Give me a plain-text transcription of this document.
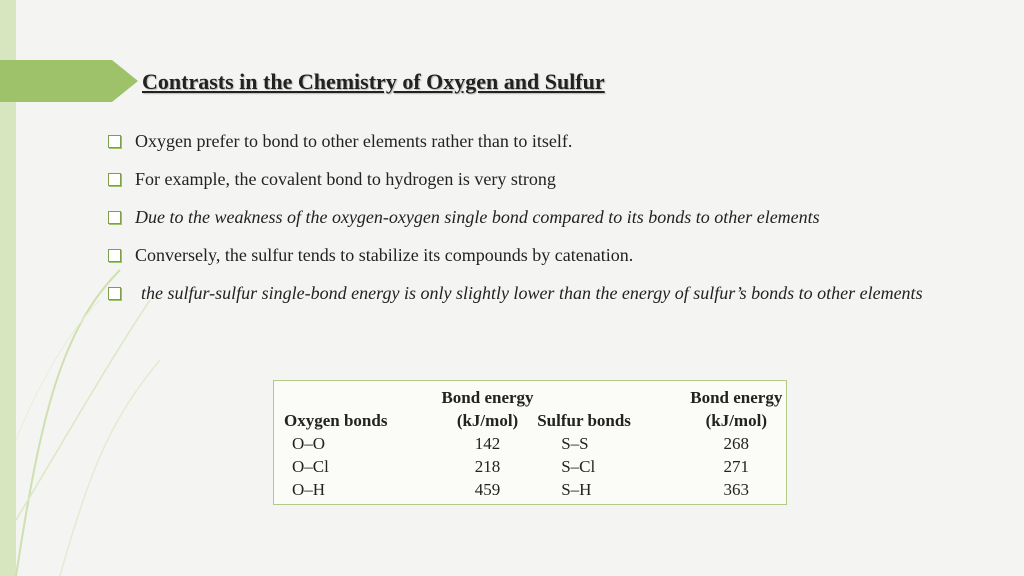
Contrasts in the Chemistry of Oxygen and Sulfur
Oxygen prefer to bond to other elements rather than to itself.
For example, the covalent bond to hydrogen is very strong
Due to the weakness of the oxygen-oxygen single bond compared to its bonds to other elements
Conversely, the sulfur tends to stabilize its compounds by catenation.
the sulfur-sulfur single-bond energy is only slightly lower than the energy of sulfur’s bonds to other elements
	Bond energy		Bond energy
Oxygen bonds	(kJ/mol)	Sulfur bonds	(kJ/mol)
O–O	142	S–S	268
O–Cl	218	S–Cl	271
O–H	459	S–H	363
